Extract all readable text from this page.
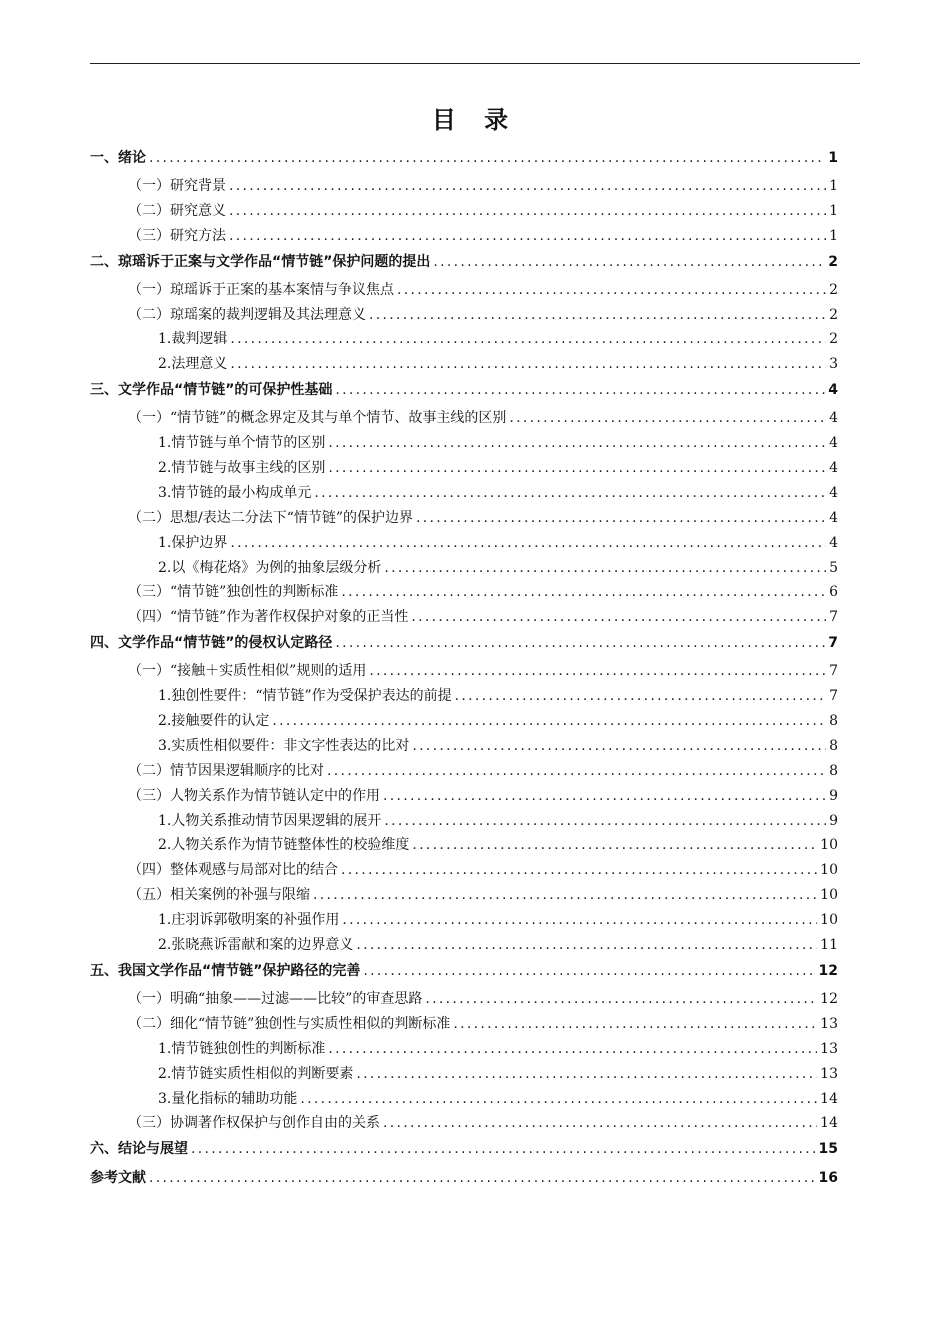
目 录
一、绪论 .....	1
（一）研究背景 .....	1
（二）研究意义 .....	1
（三）研究方法 .....	1
二、琼瑶诉于正案与文学作品“情节链”保护问题的提出 .....	2
（一）琼瑶诉于正案的基本案情与争议焦点 .....	2
（二）琼瑶案的裁判逻辑及其法理意义 .....	2
1.裁判逻辑 .....	2
2.法理意义 .....	3
三、文学作品“情节链”的可保护性基础 .....	4
（一）“情节链”的概念界定及其与单个情节、故事主线的区别 .....	4
1.情节链与单个情节的区别 .....	4
2.情节链与故事主线的区别 .....	4
3.情节链的最小构成单元 .....	4
（二）思想/表达二分法下“情节链”的保护边界 .....	4
1.保护边界 .....	4
2.以《梅花烙》为例的抽象层级分析 .....	5
（三）“情节链”独创性的判断标准 .....	6
（四）“情节链”作为著作权保护对象的正当性 .....	7
四、文学作品“情节链”的侵权认定路径 .....	7
（一）“接触＋实质性相似”规则的适用 .....	7
1.独创性要件：“情节链”作为受保护表达的前提 .....	7
2.接触要件的认定 .....	8
3.实质性相似要件：非文字性表达的比对 .....	8
（二）情节因果逻辑顺序的比对 .....	8
（三）人物关系作为情节链认定中的作用 .....	9
1.人物关系推动情节因果逻辑的展开 .....	9
2.人物关系作为情节链整体性的校验维度 .....	10
（四）整体观感与局部对比的结合 .....	10
（五）相关案例的补强与限缩 .....	10
1.庄羽诉郭敬明案的补强作用 .....	10
2.张晓燕诉雷献和案的边界意义 .....	11
五、我国文学作品“情节链”保护路径的完善 .....	12
（一）明确“抽象——过滤——比较”的审查思路 .....	12
（二）细化“情节链”独创性与实质性相似的判断标准 .....	13
1.情节链独创性的判断标准 .....	13
2.情节链实质性相似的判断要素 .....	13
3.量化指标的辅助功能 .....	14
（三）协调著作权保护与创作自由的关系 .....	14
六、结论与展望 .....	15
参考文献 .....	16
